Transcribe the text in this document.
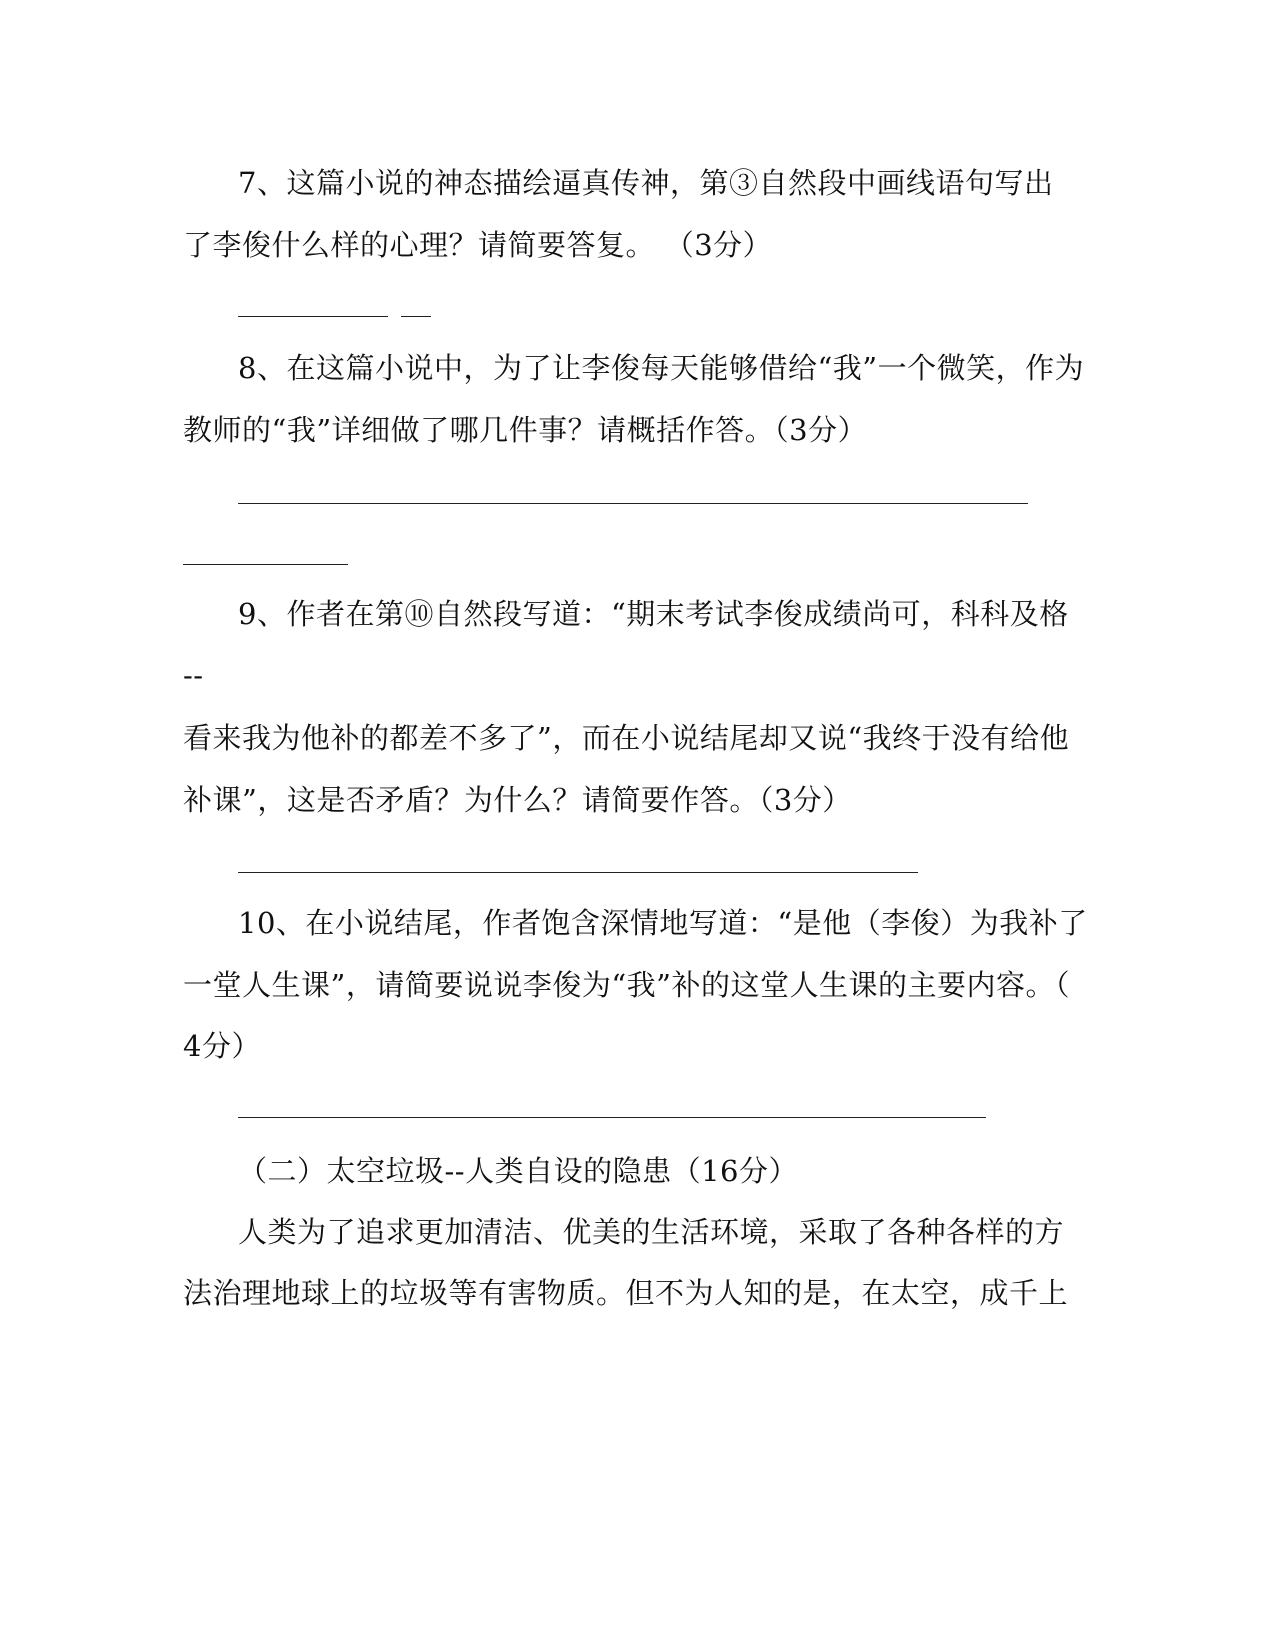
7、这篇小说的神态描绘逼真传神，第③自然段中画线语句写出
了李俊什么样的心理？请简要答复。 （3分）
8、在这篇小说中，为了让李俊每天能够借给“我”一个微笑，作为
教师的“我”详细做了哪几件事？请概括作答。（3分）
9、作者在第⑩自然段写道：“期末考试李俊成绩尚可，科科及格
--
看来我为他补的都差不多了”，而在小说结尾却又说“我终于没有给他
补课”，这是否矛盾？为什么？请简要作答。（3分）
10、在小说结尾，作者饱含深情地写道：“是他（李俊）为我补了
一堂人生课”，请简要说说李俊为“我”补的这堂人生课的主要内容。（
4分）
（二）太空垃圾--人类自设的隐患（16分）
人类为了追求更加清洁、优美的生活环境，采取了各种各样的方
法治理地球上的垃圾等有害物质。但不为人知的是，在太空，成千上
